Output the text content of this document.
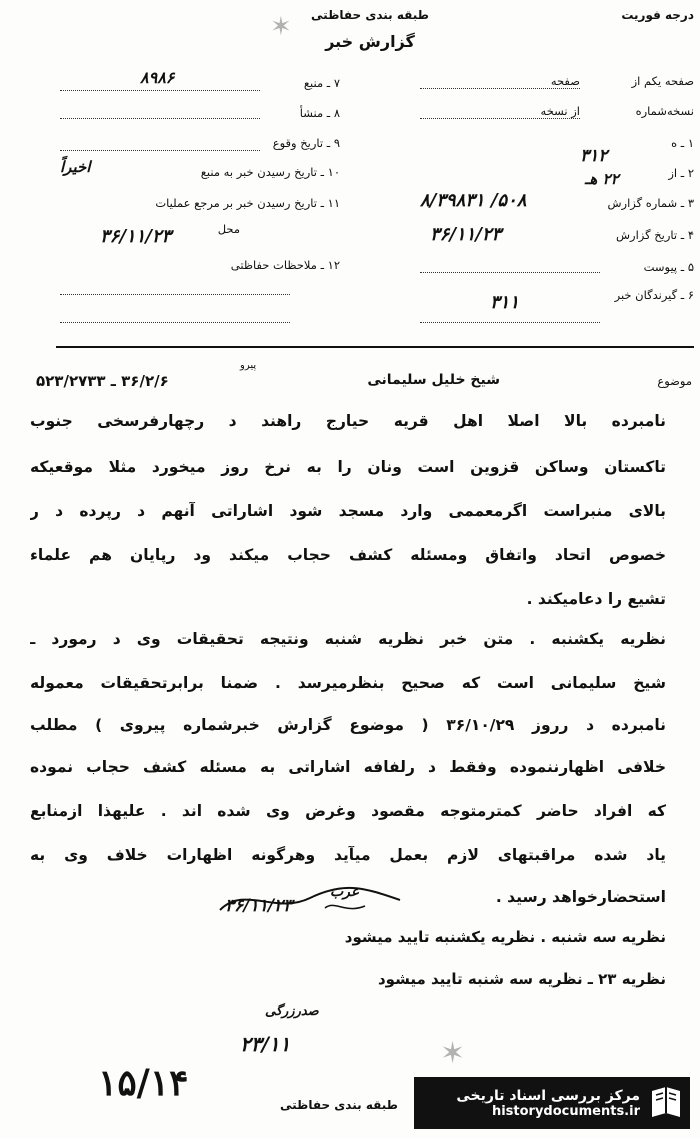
درجه فوریت
طبقه بندی حفاظتی
گزارش خبر
✶
۷ ـ منبع
۸۹۸۶
۸ ـ منشأ
۹ ـ تاریخ وقوع
۱۰ ـ تاریخ رسیدن خبر به منبع
اخیراً
۱۱ ـ تاریخ رسیدن خبر بر مرجع عملیات
محل
۳۶/۱۱/۲۳
۱۲ ـ ملاحظات حفاظتی
صفحه یکم از
صفحه
نسخه‌شماره
از نسخه
۱ ـ ه
۳۱۲
۲ ـ از
۲۲ هـ
۳ ـ شماره گزارش
۸/۳۹۸۳۱ /۵۰۸
۴ ـ تاریخ گزارش
۳۶/۱۱/۲۳
۵ ـ پیوست
۶ ـ گیرندگان خبر
۳۱۱
موضوع
شیخ خلیل سلیمانی
پیرو
۳۶/۲/۶ ـ ۵۲۳/۲۷۳۳
نامبرده بالا اصلا اهل قریه حیارج راهند د رچهارفرسخی جنوب
تاکستان وساکن قزوین است ونان را به نرخ روز میخورد مثلا موقعیکه
بالای منبراست اگرمعممی وارد مسجد شود اشاراتی آنهم د رپرده د ر
خصوص اتحاد واتفاق ومسئله کشف حجاب میکند ود رپایان هم علماء
تشیع را دعامیکند .
نظریه یکشنبه . متن خبر نظریه شنبه ونتیجه تحقیقات وی د رمورد ـ
شیخ سلیمانی است که صحیح بنظرمیرسد . ضمنا برابرتحقیقات معموله
نامبرده د رروز ۳۶/۱۰/۲۹ ( موضوع گزارش خبرشماره پیروی ) مطلب
خلافی اظهارننموده وفقط د رلفافه اشاراتی به مسئله کشف حجاب نموده
که افراد حاضر کمترمتوجه مقصود وغرض وی شده اند . علیهذا ازمنابع
یاد شده مراقبتهای لازم بعمل میآید وهرگونه اظهارات خلاف وی به
استحضارخواهد رسید .
عرب
۳۶/۱۱/۲۳
نظریه سه شنبه . نظریه یکشنبه تایید میشود
نظریه ۲۳ ـ نظریه سه شنبه تایید میشود
صدرزرگی
۲۳/۱۱	✶
۱۵/۱۴
طبقه بندی حفاظتی
مرکز بررسی اسناد تاریخی
historydocuments.ir
